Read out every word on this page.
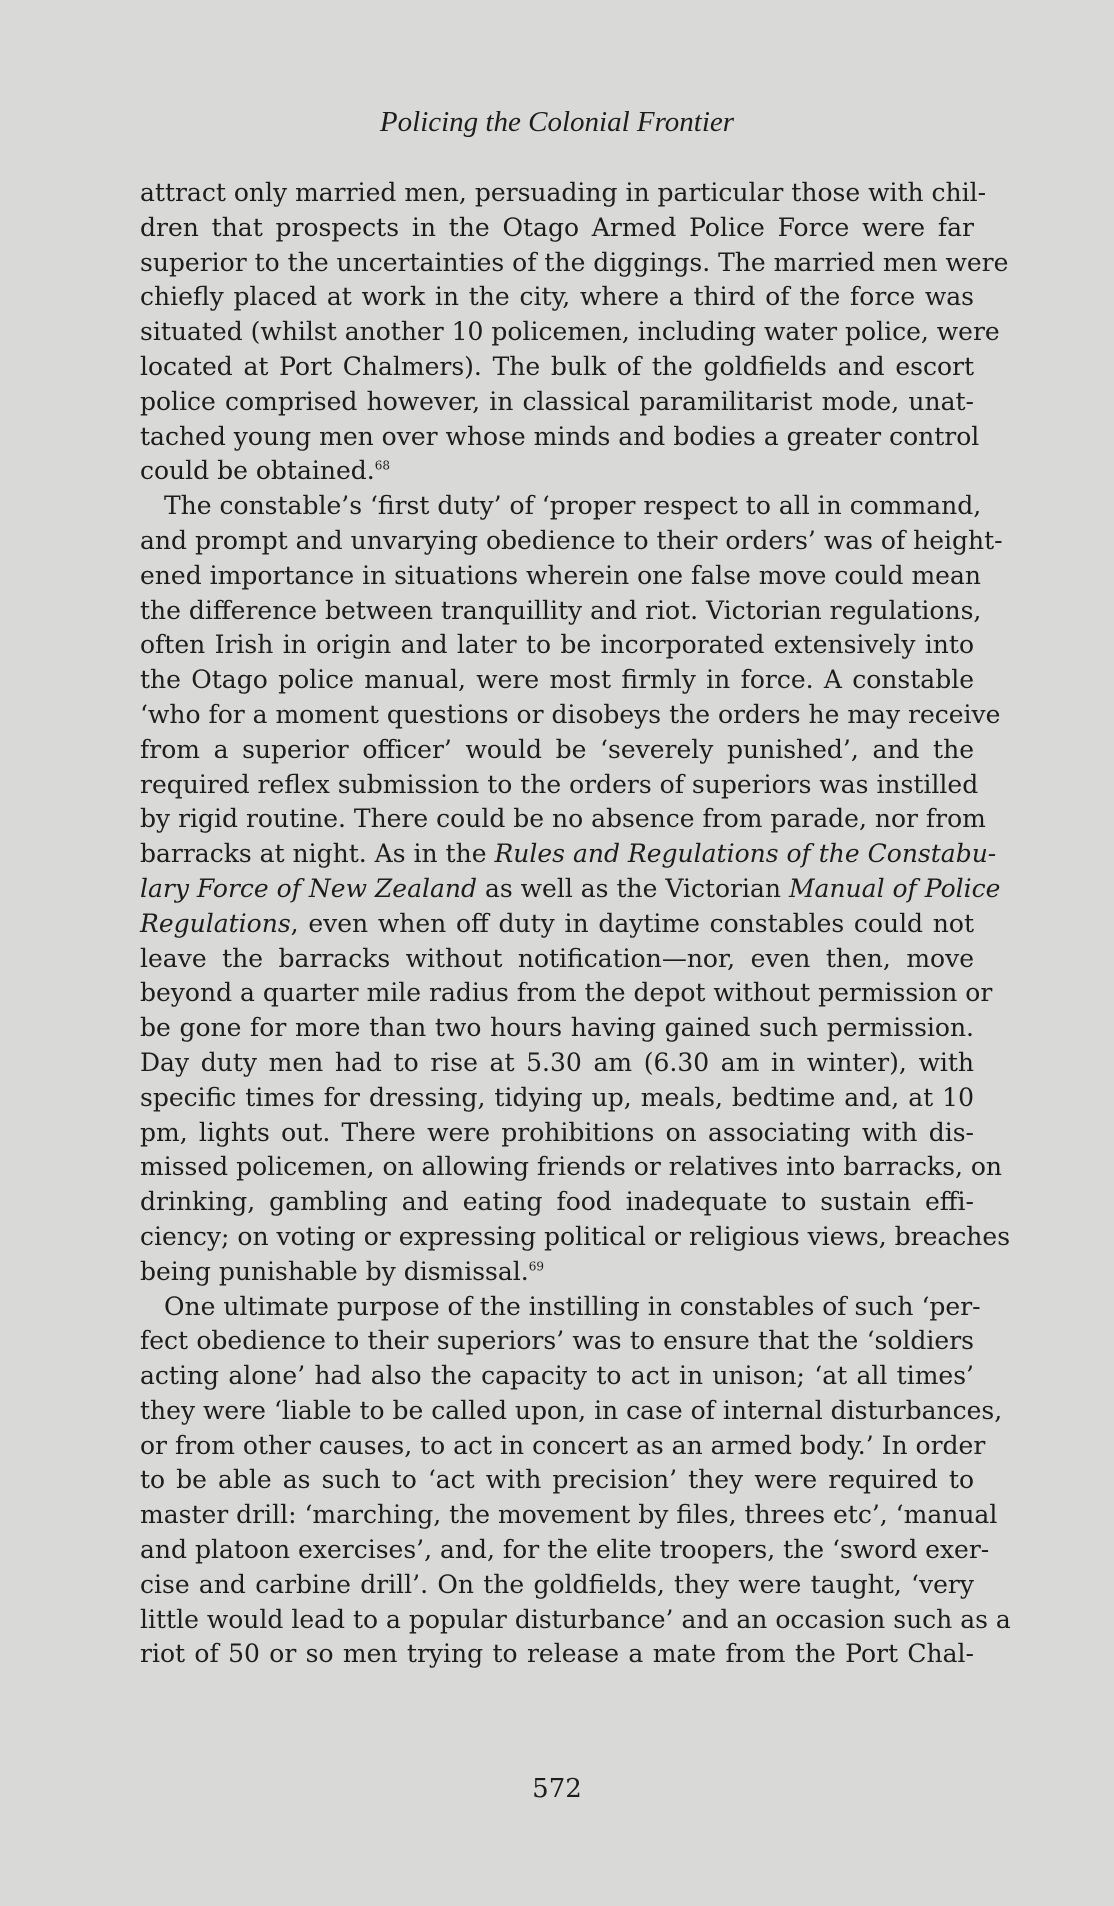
Policing the Colonial Frontier
attract only married men, persuading in particular those with chil-
dren that prospects in the Otago Armed Police Force were far
superior to the uncertainties of the diggings. The married men were
chiefly placed at work in the city, where a third of the force was
situated (whilst another 10 policemen, including water police, were
located at Port Chalmers). The bulk of the goldfields and escort
police comprised however, in classical paramilitarist mode, unat-
tached young men over whose minds and bodies a greater control
could be obtained.$^{68}$
The constable’s ‘first duty’ of ‘proper respect to all in command,
and prompt and unvarying obedience to their orders’ was of height-
ened importance in situations wherein one false move could mean
the difference between tranquillity and riot. Victorian regulations,
often Irish in origin and later to be incorporated extensively into
the Otago police manual, were most firmly in force. A constable
‘who for a moment questions or disobeys the orders he may receive
from a superior officer’ would be ‘severely punished’, and the
required reflex submission to the orders of superiors was instilled
by rigid routine. There could be no absence from parade, nor from
barracks at night. As in the Rules and Regulations of the Constabu-
lary Force of New Zealand as well as the Victorian Manual of Police
Regulations, even when off duty in daytime constables could not
leave the barracks without notification—nor, even then, move
beyond a quarter mile radius from the depot without permission or
be gone for more than two hours having gained such permission.
Day duty men had to rise at 5.30 am (6.30 am in winter), with
specific times for dressing, tidying up, meals, bedtime and, at 10
pm, lights out. There were prohibitions on associating with dis-
missed policemen, on allowing friends or relatives into barracks, on
drinking, gambling and eating food inadequate to sustain effi-
ciency; on voting or expressing political or religious views, breaches
being punishable by dismissal.$^{69}$
One ultimate purpose of the instilling in constables of such ‘per-
fect obedience to their superiors’ was to ensure that the ‘soldiers
acting alone’ had also the capacity to act in unison; ‘at all times’
they were ‘liable to be called upon, in case of internal disturbances,
or from other causes, to act in concert as an armed body.’ In order
to be able as such to ‘act with precision’ they were required to
master drill: ‘marching, the movement by files, threes etc’, ‘manual
and platoon exercises’, and, for the elite troopers, the ‘sword exer-
cise and carbine drill’. On the goldfields, they were taught, ‘very
little would lead to a popular disturbance’ and an occasion such as a
riot of 50 or so men trying to release a mate from the Port Chal-
572
